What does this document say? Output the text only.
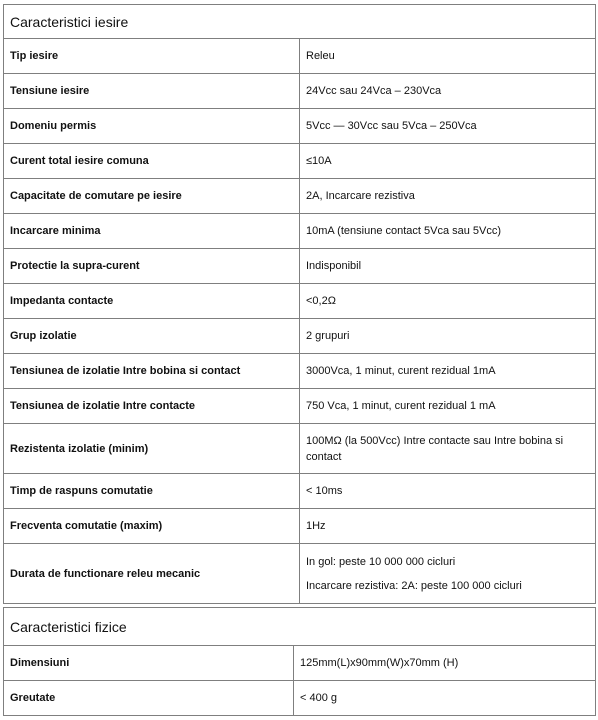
Caracteristici iesire	
Tip iesire	Releu
Tensiune iesire	24Vcc sau 24Vca – 230Vca
Domeniu permis	5Vcc — 30Vcc sau 5Vca – 250Vca
Curent total iesire comuna	≤10A
Capacitate de comutare pe iesire	2A, Incarcare rezistiva
Incarcare minima	10mA (tensiune contact 5Vca sau 5Vcc)
Protectie la supra-curent	Indisponibil
Impedanta contacte	<0,2Ω
Grup izolatie	2 grupuri
Tensiunea de izolatie Intre bobina si contact	3000Vca, 1 minut, curent rezidual 1mA
Tensiunea de izolatie Intre contacte	750 Vca, 1 minut, curent rezidual 1 mA
Rezistenta izolatie (minim)	100MΩ (la 500Vcc) Intre contacte sau Intre bobina si contact
Timp de raspuns comutatie	< 10ms
Frecventa comutatie (maxim)	1Hz
Durata de functionare releu mecanic	In gol: peste 10 000 000 cicluri

Incarcare rezistiva: 2A: peste 100 000 cicluri

Caracteristici fizice	
Dimensiuni	125mm(L)x90mm(W)x70mm (H)
Greutate	< 400 g
